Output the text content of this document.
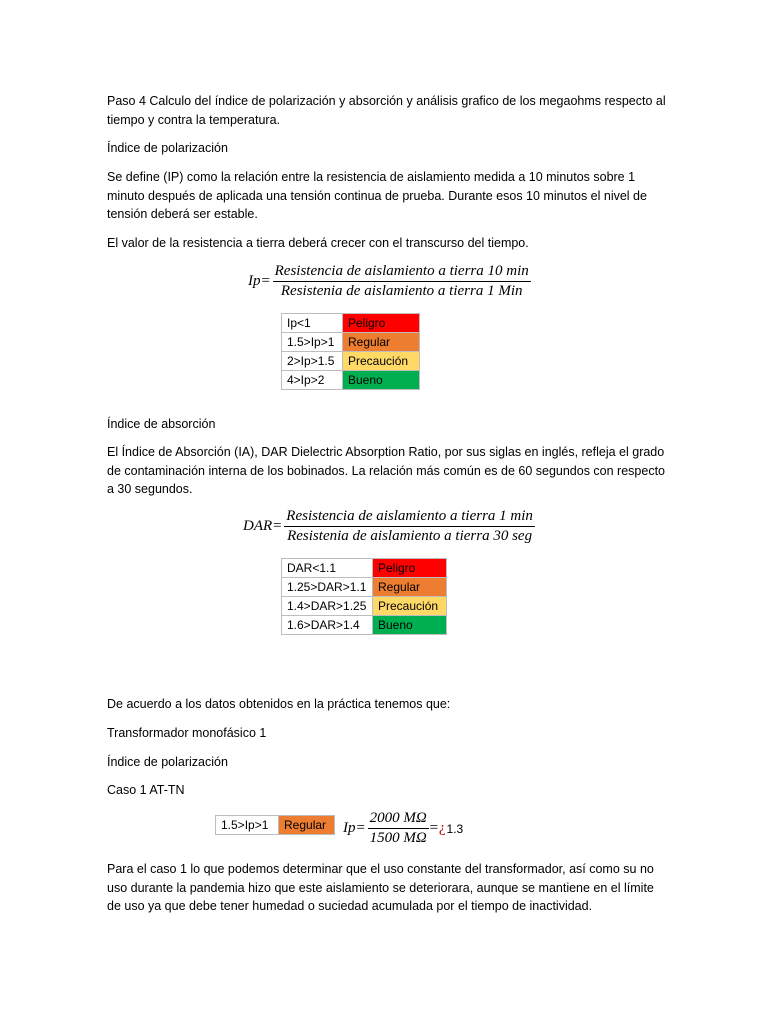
Paso 4 Calculo del índice de polarización y absorción y análisis grafico de los megaohms respecto al tiempo y contra la temperatura.

Índice de polarización

Se define (IP) como la relación entre la resistencia de aislamiento medida a 10 minutos sobre 1 minuto después de aplicada una tensión continua de prueba. Durante esos 10 minutos el nivel de tensión deberá ser estable.

El valor de la resistencia a tierra deberá crecer con el transcurso del tiempo.

$Ip= \frac{\text{Resistencia de aislamiento a tierra 10 min}}{\text{Resistenia de aislamiento a tierra 1 Min}}$
Ip<1	Peligro
1.5>Ip>1	Regular
2>Ip>1.5	Precaución
4>Ip>2	Bueno

Índice de absorción

El Índice de Absorción (IA), DAR Dielectric Absorption Ratio, por sus siglas en inglés, refleja el grado de contaminación interna de los bobinados. La relación más común es de 60 segundos con respecto a 30 segundos.

$DAR= \frac{\text{Resistencia de aislamiento a tierra 1 min}}{\text{Resistenia de aislamiento a tierra 30 seg}}$
DAR<1.1	Peligro
1.25>DAR>1.1	Regular
1.4>DAR>1.25	Precaución
1.6>DAR>1.4	Bueno

De acuerdo a los datos obtenidos en la práctica tenemos que:

Transformador monofásico 1

Índice de polarización

Caso 1 AT-TN

1.5>Ip>1	Regular $Ip= \frac{2000 M\Omega}{1500 M\Omega}$ = ¿ 1.3

Para el caso 1 lo que podemos determinar que el uso constante del transformador, así como su no uso durante la pandemia hizo que este aislamiento se deteriorara, aunque se mantiene en el límite de uso ya que debe tener humedad o suciedad acumulada por el tiempo de inactividad.
